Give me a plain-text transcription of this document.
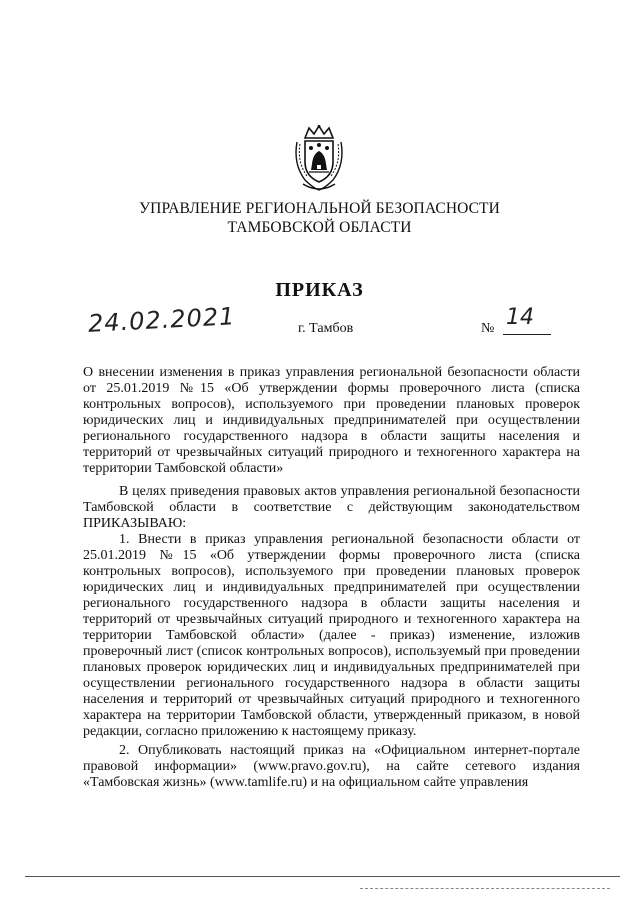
УПРАВЛЕНИЕ РЕГИОНАЛЬНОЙ БЕЗОПАСНОСТИ
ТАМБОВСКОЙ ОБЛАСТИ
ПРИКАЗ
24.02.2021	г. Тамбов	№ 14
О внесении изменения в приказ управления региональной безопасности области от 25.01.2019 №15 «Об утверждении формы проверочного листа (списка контрольных вопросов), используемого при проведении плановых проверок юридических лиц и индивидуальных предпринимателей при осуществлении регионального государственного надзора в области защиты населения и территорий от чрезвычайных ситуаций природного и техногенного характера на территории Тамбовской области»

В целях приведения правовых актов управления региональной безопасности Тамбовской области в соответствие с действующим законодательством ПРИКАЗЫВАЮ:

1. Внести в приказ управления региональной безопасности области от 25.01.2019 №15 «Об утверждении формы проверочного листа (списка контрольных вопросов), используемого при проведении плановых проверок юридических лиц и индивидуальных предпринимателей при осуществлении регионального государственного надзора в области защиты населения и территорий от чрезвычайных ситуаций природного и техногенного характера на территории Тамбовской области» (далее - приказ) изменение, изложив проверочный лист (список контрольных вопросов), используемый при проведении плановых проверок юридических лиц и индивидуальных предпринимателей при осуществлении регионального государственного надзора в области защиты населения и территорий от чрезвычайных ситуаций природного и техногенного характера на территории Тамбовской области, утвержденный приказом, в новой редакции, согласно приложению к настоящему приказу.

2. Опубликовать настоящий приказ на «Официальном интернет-портале правовой информации» (www.pravo.gov.ru), на сайте сетевого издания «Тамбовская жизнь» (www.tamlife.ru) и на официальном сайте управления
